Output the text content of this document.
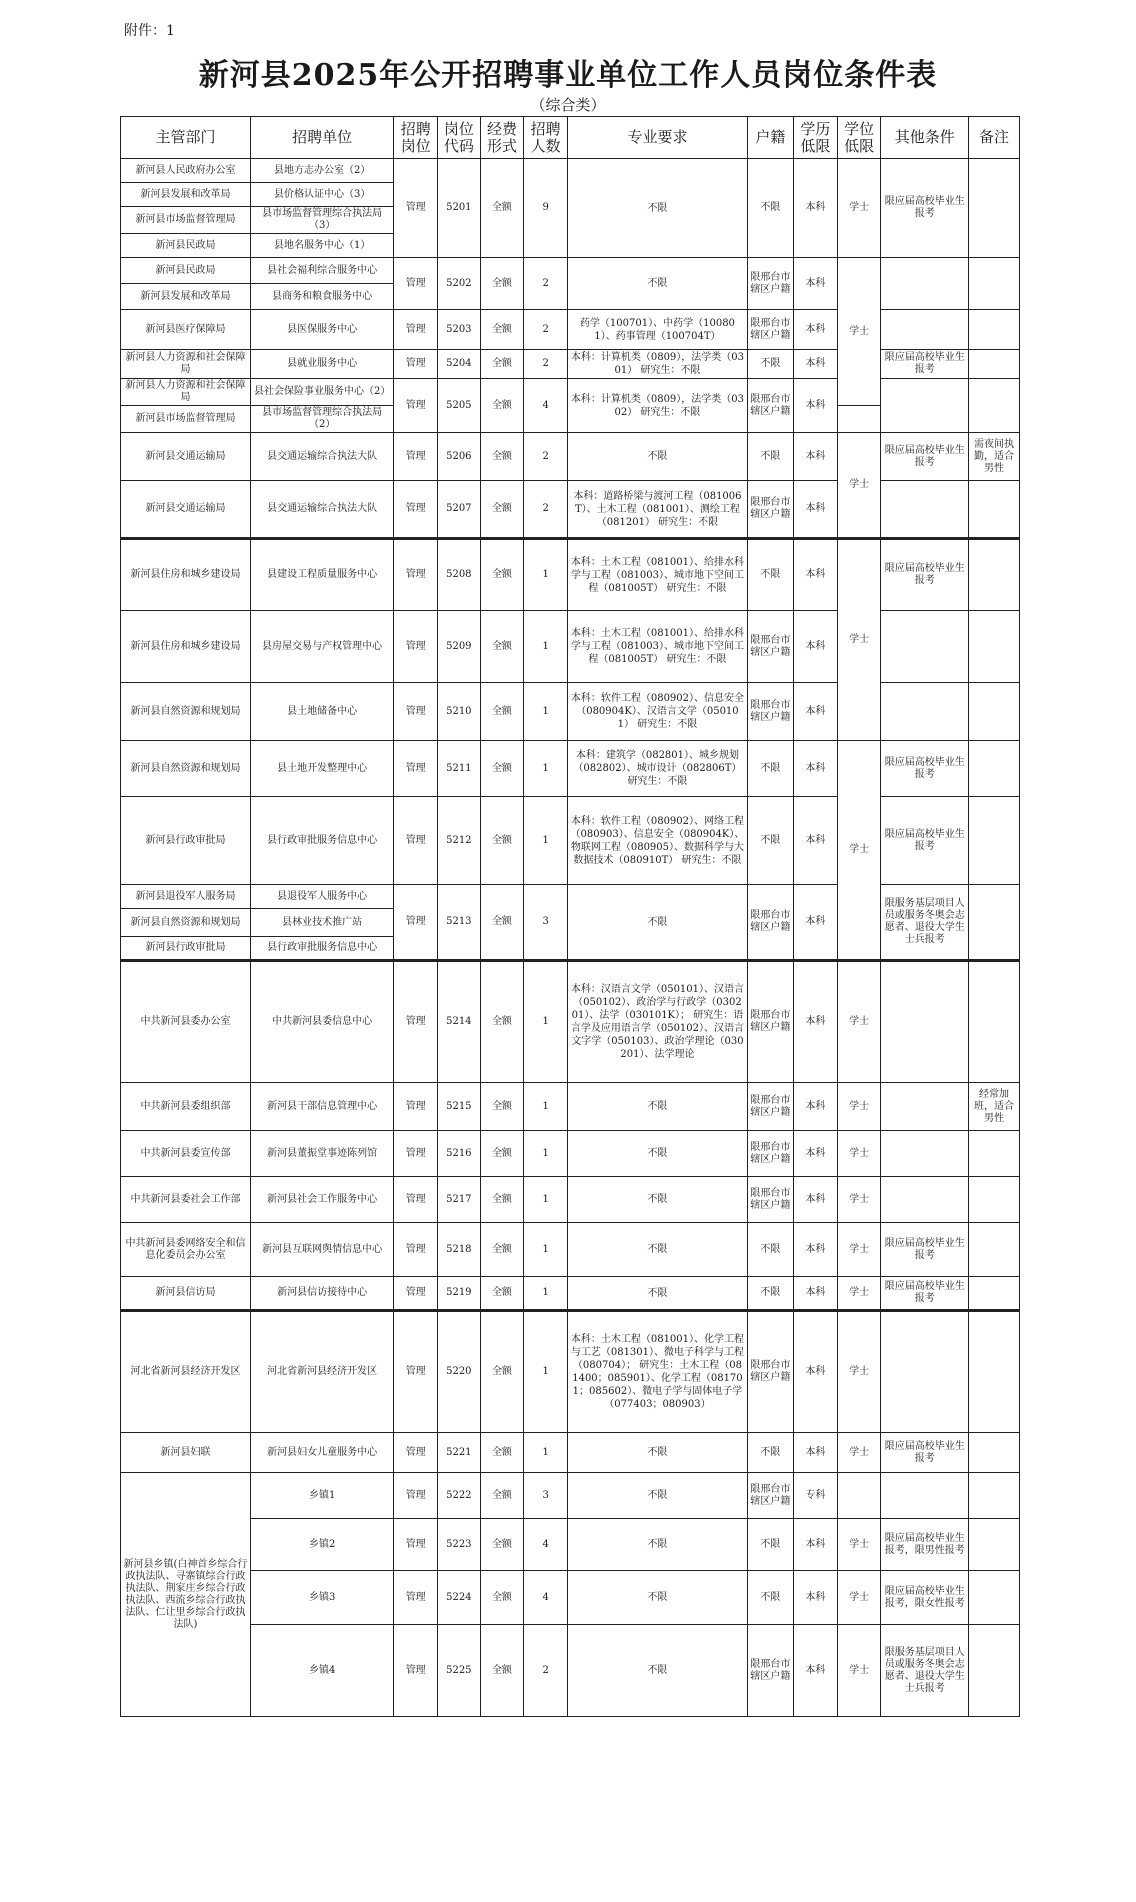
附件：1
新河县2025年公开招聘事业单位工作人员岗位条件表
（综合类）
主管部门	招聘单位	招聘岗位	岗位代码	经费形式	招聘人数	专业要求	户籍	学历低限	学位低限	其他条件	备注
新河县人民政府办公室	县地方志办公室（2）	管理	5201	全额	9	不限	不限	本科	学士	限应届高校毕业生报考	
新河县发展和改革局	县价格认证中心（3）										
新河县市场监督管理局	县市场监督管理综合执法局（3）										
新河县民政局	县地名服务中心（1）										
新河县民政局	县社会福利综合服务中心	管理	5202	全额	2	不限	限邢台市辖区户籍	本科	学士		
新河县发展和改革局	县商务和粮食服务中心										
新河县医疗保障局	县医保服务中心	管理	5203	全额	2	药学（100701）、中药学（100801）、药事管理（100704T）	限邢台市辖区户籍	本科			
新河县人力资源和社会保障局	县就业服务中心	管理	5204	全额	2	本科：计算机类（0809），法学类（0301） 研究生：不限	不限	本科		限应届高校毕业生报考	
新河县人力资源和社会保障局	县社会保险事业服务中心（2）	管理	5205	全额	4	本科：计算机类（0809），法学类（0302） 研究生：不限	限邢台市辖区户籍	本科			
新河县市场监督管理局	县市场监督管理综合执法局（2）										
新河县交通运输局	县交通运输综合执法大队	管理	5206	全额	2	不限	不限	本科	学士	限应届高校毕业生报考	需夜间执勤，适合男性
新河县交通运输局	县交通运输综合执法大队	管理	5207	全额	2	本科：道路桥梁与渡河工程（081006T）、土木工程（081001）、测绘工程（081201） 研究生：不限	限邢台市辖区户籍	本科			
新河县住房和城乡建设局	县建设工程质量服务中心	管理	5208	全额	1	本科：土木工程（081001）、给排水科学与工程（081003）、城市地下空间工程（081005T） 研究生：不限	不限	本科	学士	限应届高校毕业生报考	
新河县住房和城乡建设局	县房屋交易与产权管理中心	管理	5209	全额	1	本科：土木工程（081001）、给排水科学与工程（081003）、城市地下空间工程（081005T） 研究生：不限	限邢台市辖区户籍	本科			
新河县自然资源和规划局	县土地储备中心	管理	5210	全额	1	本科：软件工程（080902）、信息安全（080904K）、汉语言文学（050101） 研究生：不限	限邢台市辖区户籍	本科			
新河县自然资源和规划局	县土地开发整理中心	管理	5211	全额	1	本科：建筑学（082801）、城乡规划（082802）、城市设计（082806T） 研究生：不限	不限	本科	学士	限应届高校毕业生报考	
新河县行政审批局	县行政审批服务信息中心	管理	5212	全额	1	本科：软件工程（080902）、网络工程（080903）、信息安全（080904K）、物联网工程（080905）、数据科学与大数据技术（080910T） 研究生：不限	不限	本科		限应届高校毕业生报考	
新河县退役军人服务局	县退役军人服务中心	管理	5213	全额	3	不限	限邢台市辖区户籍	本科		限服务基层项目人员或服务冬奥会志愿者、退役大学生士兵报考	
新河县自然资源和规划局	县林业技术推广站										
新河县行政审批局	县行政审批服务信息中心										
中共新河县委办公室	中共新河县委信息中心	管理	5214	全额	1	本科：汉语言文学（050101）、汉语言（050102）、政治学与行政学（030201）、法学（030101K）； 研究生：语言学及应用语言学（050102）、汉语言文字学（050103）、政治学理论（030201）、法学理论	限邢台市辖区户籍	本科	学士		
中共新河县委组织部	新河县干部信息管理中心	管理	5215	全额	1	不限	限邢台市辖区户籍	本科	学士		经常加班，适合男性
中共新河县委宣传部	新河县董振堂事迹陈列馆	管理	5216	全额	1	不限	限邢台市辖区户籍	本科	学士		
中共新河县委社会工作部	新河县社会工作服务中心	管理	5217	全额	1	不限	限邢台市辖区户籍	本科	学士		
中共新河县委网络安全和信息化委员会办公室	新河县互联网舆情信息中心	管理	5218	全额	1	不限	不限	本科	学士	限应届高校毕业生报考	
新河县信访局	新河县信访接待中心	管理	5219	全额	1	不限	不限	本科	学士	限应届高校毕业生报考	
河北省新河县经济开发区	河北省新河县经济开发区	管理	5220	全额	1	本科：土木工程（081001）、化学工程与工艺（081301）、微电子科学与工程（080704）； 研究生：土木工程（081400；085901）、化学工程（081701；085602）、微电子学与固体电子学（077403；080903）	限邢台市辖区户籍	本科	学士		
新河县妇联	新河县妇女儿童服务中心	管理	5221	全额	1	不限	不限	本科	学士	限应届高校毕业生报考	
新河县乡镇(白神首乡综合行政执法队、寻寨镇综合行政执法队、荆家庄乡综合行政执法队、西流乡综合行政执法队、仁让里乡综合行政执法队)	乡镇1	管理	5222	全额	3	不限	限邢台市辖区户籍	专科			
	乡镇2	管理	5223	全额	4	不限	不限	本科	学士	限应届高校毕业生报考，限男性报考	
	乡镇3	管理	5224	全额	4	不限	不限	本科	学士	限应届高校毕业生报考，限女性报考	
	乡镇4	管理	5225	全额	2	不限	限邢台市辖区户籍	本科	学士	限服务基层项目人员或服务冬奥会志愿者、退役大学生士兵报考	
